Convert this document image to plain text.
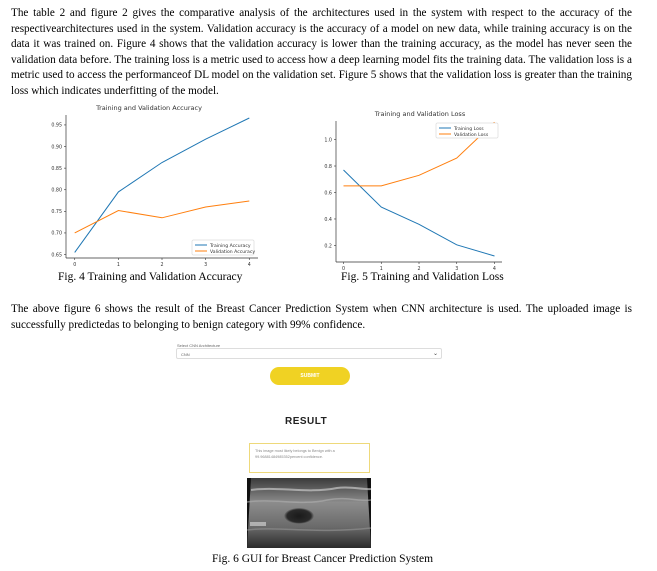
The table 2 and figure 2 gives the comparative analysis of the architectures used in the system with respect to the accuracy of the respectivearchitectures used in the system. Validation accuracy is the accuracy of a model on new data, while training accuracy is on the data it was trained on. Figure 4 shows that the validation accuracy is lower than the training accuracy, as the model has never seen the validation data before. The training loss is a metric used to access how a deep learning model fits the training data. The validation loss is a metric used to access the performanceof DL model on the validation set. Figure 5 shows that the validation loss is greater than the training loss which indicates underfitting of the model.
Training and Validation Accuracy
0.65
0.70
0.75
0.80
0.85
0.90
0.95
0	1	2	3	4
Training Accuracy
Validation Accuracy
Training and Validation Loss
0.2
0.4
0.6
0.8
1.0
0	1	2	3	4
Training Loss
Validation Loss
Fig. 4 Training and Validation Accuracy	Fig. 5 Training and Validation Loss
The above figure 6 shows the result of the Breast Cancer Prediction System when CNN architecture is used. The uploaded image is successfully predictedas to belonging to benign category with 99% confidence.
Select CNN Architecture
CNN	⌄
SUBMIT
RESULT
This image most likely belongs to Benign with a 99.96881484985352percent confidence.
Fig. 6 GUI for Breast Cancer Prediction System
